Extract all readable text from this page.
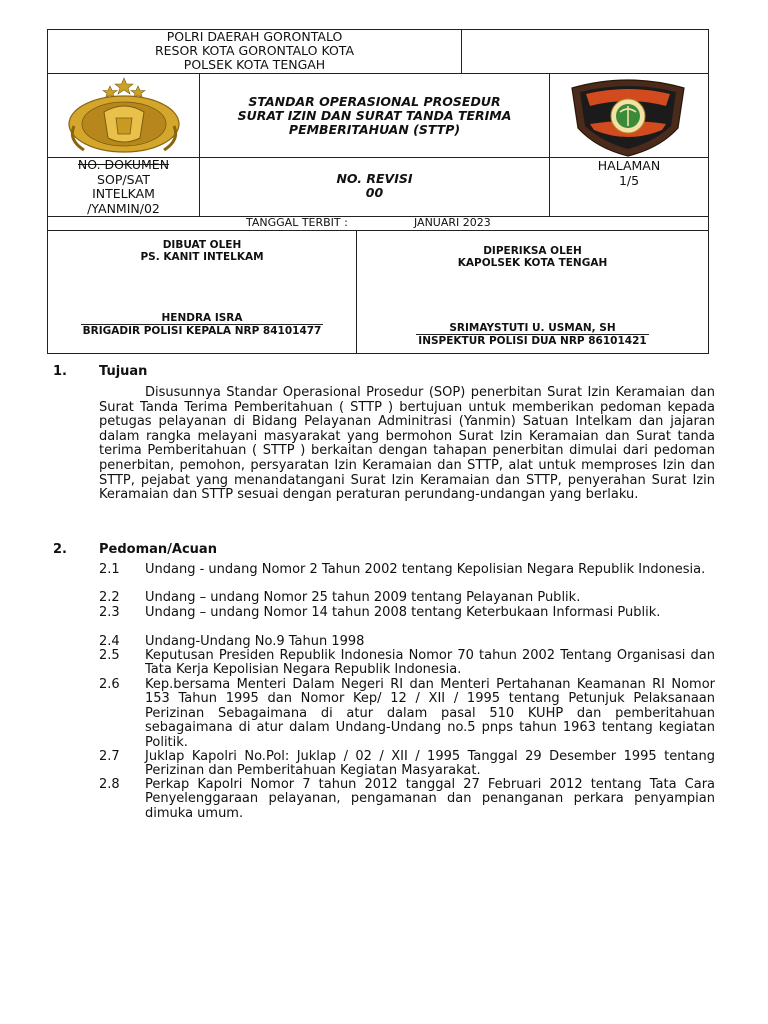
POLRI DAERAH GORONTALO
RESOR KOTA GORONTALO KOTA
POLSEK KOTA TENGAH
STANDAR OPERASIONAL PROSEDUR
SURAT IZIN DAN SURAT TANDA TERIMA
PEMBERITAHUAN (STTP)
NO. DOKUMEN
SOP/SAT
INTELKAM
/YANMIN/02
NO. REVISI
00
HALAMAN
1/5
TANGGAL TERBIT :	JANUARI 2023
DIBUAT OLEH
PS. KANIT INTELKAM
HENDRA ISRA
BRIGADIR POLISI KEPALA NRP 84101477
DIPERIKSA OLEH
KAPOLSEK KOTA TENGAH
SRIMAYSTUTI U. USMAN, SH
INSPEKTUR POLISI DUA NRP 86101421
1. Tujuan
Disusunnya Standar Operasional Prosedur (SOP) penerbitan Surat Izin Keramaian dan Surat Tanda Terima Pemberitahuan ( STTP ) bertujuan untuk memberikan pedoman kepada petugas pelayanan di Bidang Pelayanan Adminitrasi (Yanmin) Satuan Intelkam dan jajaran dalam rangka melayani masyarakat yang bermohon Surat Izin Keramaian dan Surat tanda terima Pemberitahuan ( STTP ) berkaitan dengan tahapan penerbitan dimulai dari pedoman penerbitan, pemohon, persyaratan Izin Keramaian dan STTP, alat untuk memproses Izin dan STTP, pejabat yang menandatangani Surat Izin Keramaian dan STTP, penyerahan Surat Izin Keramaian dan STTP sesuai dengan peraturan perundang-undangan yang berlaku.
2. Pedoman/Acuan
2.1 Undang - undang Nomor 2 Tahun 2002 tentang Kepolisian Negara Republik Indonesia.
2.2 Undang – undang Nomor 25 tahun 2009 tentang Pelayanan Publik.
2.3 Undang – undang Nomor 14 tahun 2008 tentang Keterbukaan Informasi Publik.
2.4 Undang-Undang No.9 Tahun 1998
2.5 Keputusan Presiden Republik Indonesia Nomor 70 tahun 2002 Tentang Organisasi dan Tata Kerja Kepolisian Negara Republik Indonesia.
2.6 Kep.bersama Menteri Dalam Negeri RI dan Menteri Pertahanan Keamanan RI Nomor 153 Tahun 1995 dan Nomor Kep/ 12 / XII / 1995 tentang Petunjuk Pelaksanaan Perizinan Sebagaimana di atur dalam pasal 510 KUHP dan pemberitahuan sebagaimana di atur dalam Undang-Undang no.5 pnps tahun 1963 tentang kegiatan Politik.
2.7 Juklap Kapolri No.Pol: Juklap / 02 / XII / 1995 Tanggal 29 Desember 1995 tentang Perizinan dan Pemberitahuan Kegiatan Masyarakat.
2.8 Perkap Kapolri Nomor 7 tahun 2012 tanggal 27 Februari 2012 tentang Tata Cara Penyelenggaraan pelayanan, pengamanan dan penanganan perkara penyampian dimuka umum.
